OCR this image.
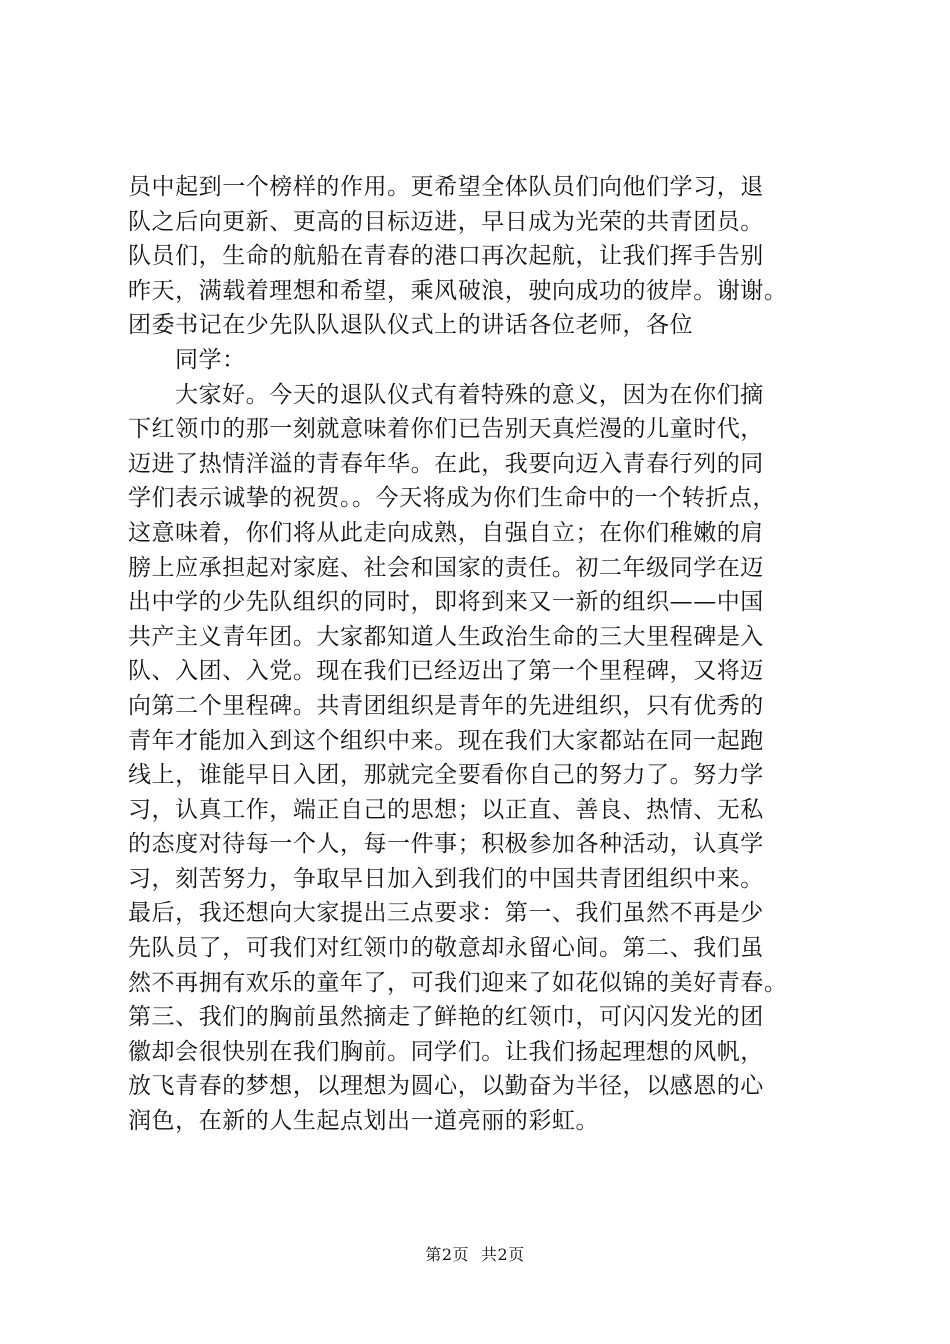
员中起到一个榜样的作用。更希望全体队员们向他们学习，退
队之后向更新、更高的目标迈进，早日成为光荣的共青团员。
队员们，生命的航船在青春的港口再次起航，让我们挥手告别
昨天，满载着理想和希望，乘风破浪，驶向成功的彼岸。谢谢。
团委书记在少先队队退队仪式上的讲话各位老师，各位
同学：
大家好。今天的退队仪式有着特殊的意义，因为在你们摘
下红领巾的那一刻就意味着你们已告别天真烂漫的儿童时代，
迈进了热情洋溢的青春年华。在此，我要向迈入青春行列的同
学们表示诚挚的祝贺。。今天将成为你们生命中的一个转折点，
这意味着，你们将从此走向成熟，自强自立；在你们稚嫩的肩
膀上应承担起对家庭、社会和国家的责任。初二年级同学在迈
出中学的少先队组织的同时，即将到来又一新的组织——中国
共产主义青年团。大家都知道人生政治生命的三大里程碑是入
队、入团、入党。现在我们已经迈出了第一个里程碑，又将迈
向第二个里程碑。共青团组织是青年的先进组织，只有优秀的
青年才能加入到这个组织中来。现在我们大家都站在同一起跑
线上，谁能早日入团，那就完全要看你自己的努力了。努力学
习，认真工作，端正自己的思想；以正直、善良、热情、无私
的态度对待每一个人，每一件事；积极参加各种活动，认真学
习，刻苦努力，争取早日加入到我们的中国共青团组织中来。
最后，我还想向大家提出三点要求：第一、我们虽然不再是少
先队员了，可我们对红领巾的敬意却永留心间。第二、我们虽
然不再拥有欢乐的童年了，可我们迎来了如花似锦的美好青春。
第三、我们的胸前虽然摘走了鲜艳的红领巾，可闪闪发光的团
徽却会很快别在我们胸前。同学们。让我们扬起理想的风帆，
放飞青春的梦想，以理想为圆心，以勤奋为半径，以感恩的心
润色，在新的人生起点划出一道亮丽的彩虹。
第2页 共2页
